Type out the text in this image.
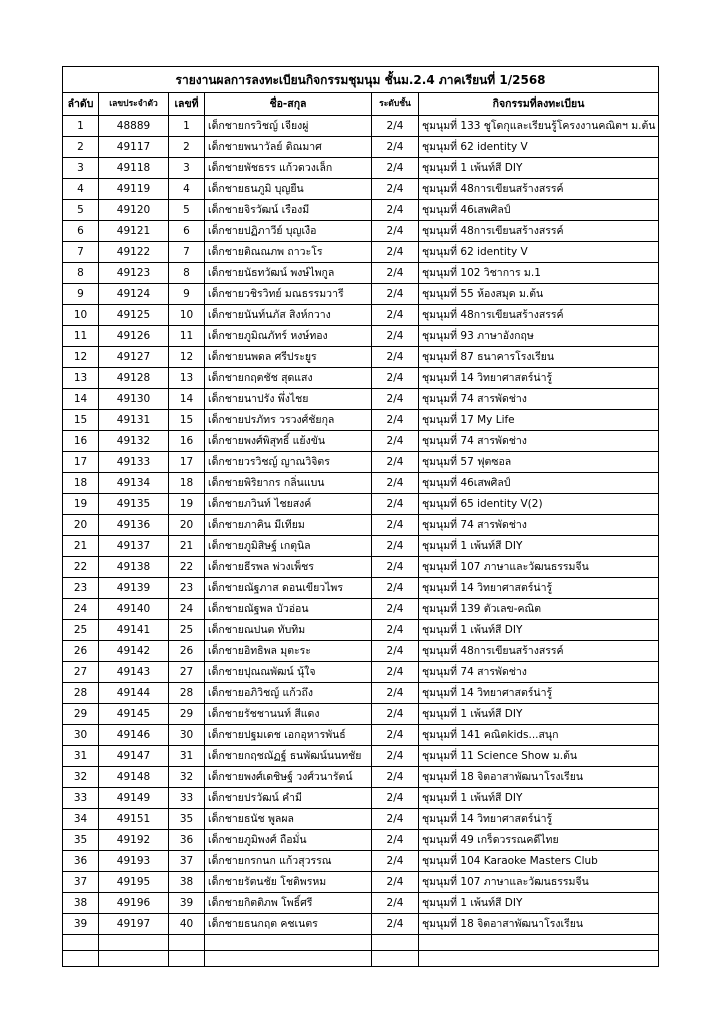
รายงานผลการลงทะเบียนกิจกรรมชุมนุม ชั้นม.2.4 ภาคเรียนที่ 1/2568					
ลำดับ	เลขประจำตัว	เลขที่	ชื่อ-สกุล	ระดับชั้น	กิจกรรมที่ลงทะเบียน
1	48889	1	เด็กชายกรวิชญ์ เจียงผู่	2/4	ชุมนุมที่ 133 ชูโดกุและเรียนรู้โครงงานคณิตฯ ม.ต้น
2	49117	2	เด็กชายพนาวัลย์ ดิณมาศ	2/4	ชุมนุมที่ 62 identity V
3	49118	3	เด็กชายพัชธรร แก้วดวงเล็ก	2/4	ชุมนุมที่ 1 เพ้นท์สี DIY
4	49119	4	เด็กชายธนภูมิ บุญยืน	2/4	ชุมนุมที่ 48การเขียนสร้างสรรค์
5	49120	5	เด็กชายจิรวัฒน์ เรืองมี	2/4	ชุมนุมที่ 46เสพศิลป์
6	49121	6	เด็กชายปฏิภาวีย์ บุญเงือ	2/4	ชุมนุมที่ 48การเขียนสร้างสรรค์
7	49122	7	เด็กชายติณณภพ ถาวะโร	2/4	ชุมนุมที่ 62 identity V
8	49123	8	เด็กชายนัธทวัฒน์ พงษ์ไพกูล	2/4	ชุมนุมที่ 102 วิชาการ ม.1
9	49124	9	เด็กชายวชิรวิทย์ มณธรรมวารี	2/4	ชุมนุมที่ 55 ห้องสมุด ม.ต้น
10	49125	10	เด็กชายนันท์นภัส สิงห์กวาง	2/4	ชุมนุมที่ 48การเขียนสร้างสรรค์
11	49126	11	เด็กชายภูมิณภัทร์ หงษ์ทอง	2/4	ชุมนุมที่ 93 ภาษาอังกฤษ
12	49127	12	เด็กชายนพดล ศรีประยูร	2/4	ชุมนุมที่ 87 ธนาคารโรงเรียน
13	49128	13	เด็กชายกฤตชัช สุดแสง	2/4	ชุมนุมที่ 14 วิทยาศาสตร์น่ารู้
14	49130	14	เด็กชายนาปรัง พึ่งไชย	2/4	ชุมนุมที่ 74 สารพัดช่าง
15	49131	15	เด็กชายปรภัทร วรวงศ์ชัยกุล	2/4	ชุมนุมที่ 17 My Life
16	49132	16	เด็กชายพงศ์พิสุทธิ์ แย้งขัน	2/4	ชุมนุมที่ 74 สารพัดช่าง
17	49133	17	เด็กชายวรวิชญ์ ญาณวิจิตร	2/4	ชุมนุมที่ 57 ฟุตซอล
18	49134	18	เด็กชายพิริยากร กลิ่นแบน	2/4	ชุมนุมที่ 46เสพศิลป์
19	49135	19	เด็กชายภวินท์ ไชยสงค์	2/4	ชุมนุมที่ 65 identity V(2)
20	49136	20	เด็กชายภาคิน มีเทียม	2/4	ชุมนุมที่ 74 สารพัดช่าง
21	49137	21	เด็กชายภูมิสิษฐ์ เกตุนิล	2/4	ชุมนุมที่ 1 เพ้นท์สี DIY
22	49138	22	เด็กชายธีรพล พ่วงเพ็ชร	2/4	ชุมนุมที่ 107 ภาษาและวัฒนธรรมจีน
23	49139	23	เด็กชายณัฐภาส ดอนเขียวไพร	2/4	ชุมนุมที่ 14 วิทยาศาสตร์น่ารู้
24	49140	24	เด็กชายณัฐพล บัวอ่อน	2/4	ชุมนุมที่ 139 ตัวเลข-คณิต
25	49141	25	เด็กชายณปนต ทับทิม	2/4	ชุมนุมที่ 1 เพ้นท์สี DIY
26	49142	26	เด็กชายอิทธิพล มุตะระ	2/4	ชุมนุมที่ 48การเขียนสร้างสรรค์
27	49143	27	เด็กชายปุณณพัฒน์ นุ้ใจ	2/4	ชุมนุมที่ 74 สารพัดช่าง
28	49144	28	เด็กชายอภิวิชญ์ แก้วถึง	2/4	ชุมนุมที่ 14 วิทยาศาสตร์น่ารู้
29	49145	29	เด็กชายรัชชานนท์ สีแดง	2/4	ชุมนุมที่ 1 เพ้นท์สี DIY
30	49146	30	เด็กชายปฐมเดช เอกอุหารพันธ์	2/4	ชุมนุมที่ 141 คณิตkids...สนุก
31	49147	31	เด็กชายกฤชณัฏฐ์ ธนพัฒน์นนทชัย	2/4	ชุมนุมที่ 11 Science Show ม.ต้น
32	49148	32	เด็กชายพงศ์เดชิษฐ์ วงศ์วนารัตน์	2/4	ชุมนุมที่ 18 จิตอาสาพัฒนาโรงเรียน
33	49149	33	เด็กชายปรวัฒน์ คำมี	2/4	ชุมนุมที่ 1 เพ้นท์สี DIY
34	49151	35	เด็กชายธนัช พูลผล	2/4	ชุมนุมที่ 14 วิทยาศาสตร์น่ารู้
35	49192	36	เด็กชายภูมิพงศ์ ถือมั่น	2/4	ชุมนุมที่ 49 เกร็ดวรรณคดีไทย
36	49193	37	เด็กชายกรกนก แก้วสุวรรณ	2/4	ชุมนุมที่ 104 Karaoke Masters Club
37	49195	38	เด็กชายรัตนชัย โชติพรหม	2/4	ชุมนุมที่ 107 ภาษาและวัฒนธรรมจีน
38	49196	39	เด็กชายกิตติภพ โพธิ์ศรี	2/4	ชุมนุมที่ 1 เพ้นท์สี DIY
39	49197	40	เด็กชายธนกฤต คชเนตร	2/4	ชุมนุมที่ 18 จิตอาสาพัฒนาโรงเรียน
